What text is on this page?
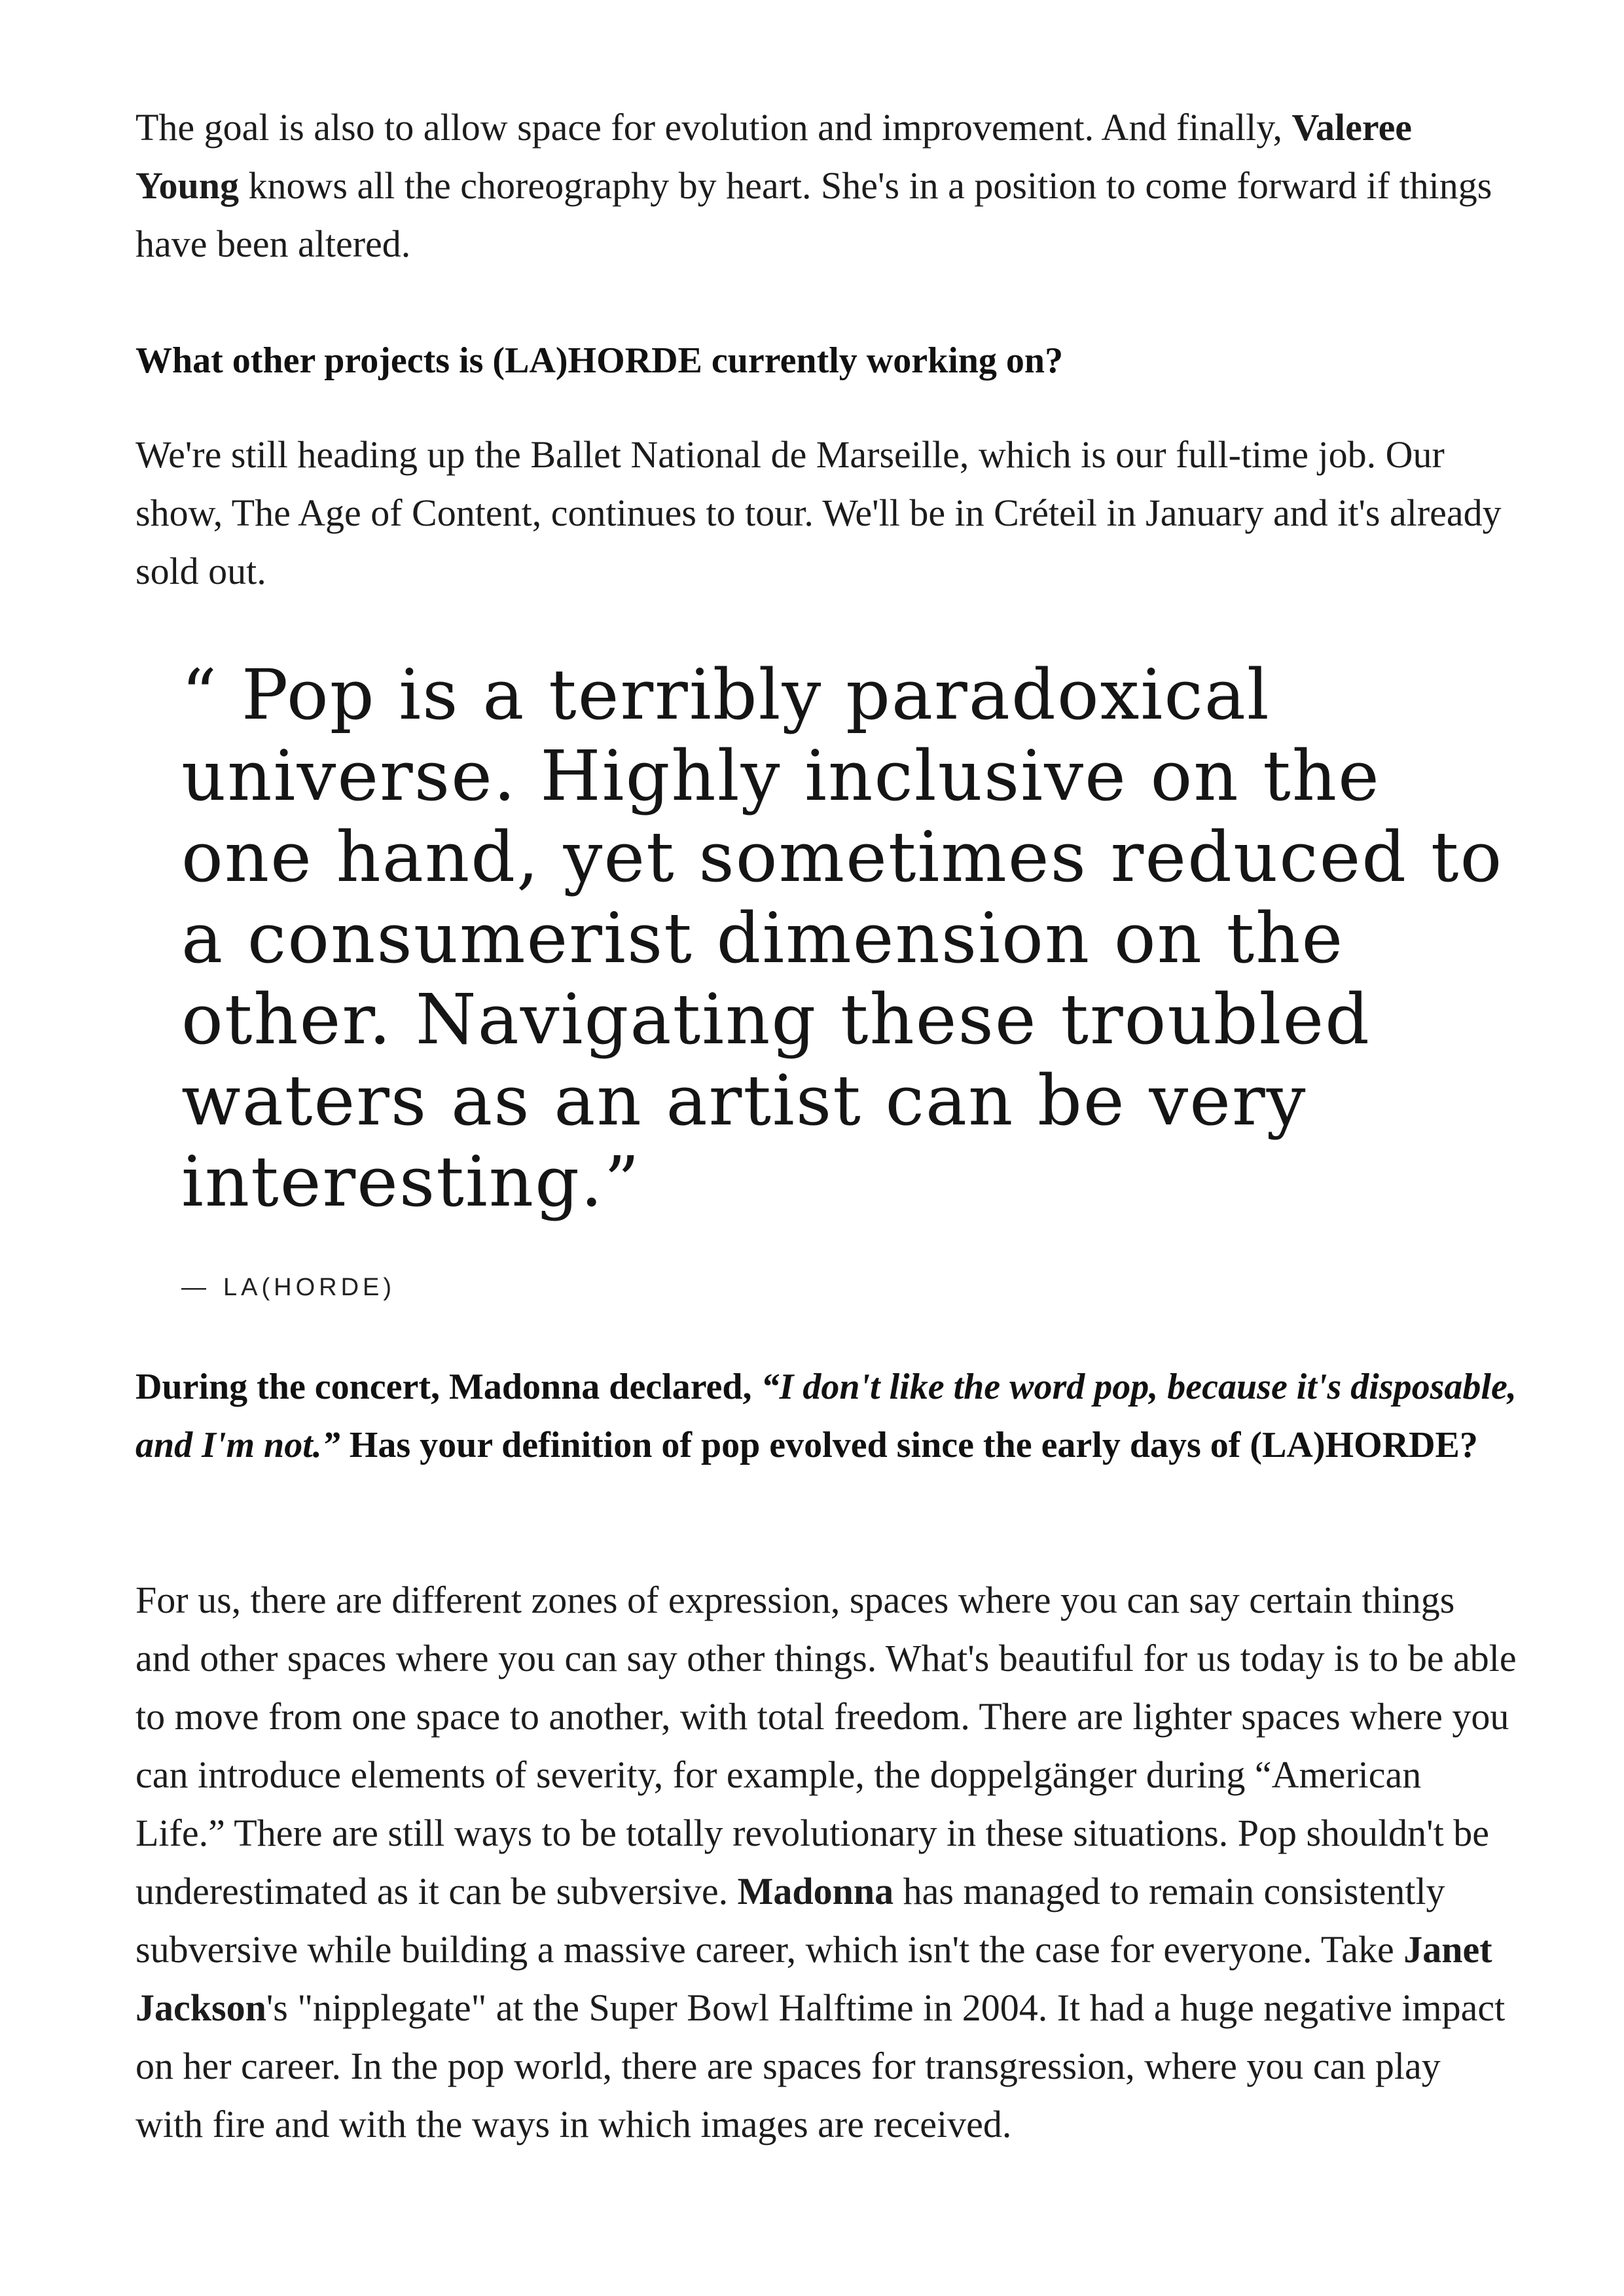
The goal is also to allow space for evolution and improvement. And finally, Valeree Young knows all the choreography by heart. She's in a position to come forward if things have been altered.

What other projects is (LA)HORDE currently working on?

We're still heading up the Ballet National de Marseille, which is our full-time job. Our show, The Age of Content, continues to tour. We'll be in Créteil in January and it's already sold out.

“ Pop is a terribly paradoxical universe. Highly inclusive on the one hand, yet sometimes reduced to a consumerist dimension on the other. Navigating these troubled waters as an artist can be very interesting.”

— LA(HORDE)

During the concert, Madonna declared, “I don't like the word pop, because it's disposable, and I'm not.” Has your definition of pop evolved since the early days of (LA)HORDE?

For us, there are different zones of expression, spaces where you can say certain things and other spaces where you can say other things. What's beautiful for us today is to be able to move from one space to another, with total freedom. There are lighter spaces where you can introduce elements of severity, for example, the doppelgänger during “American Life.” There are still ways to be totally revolutionary in these situations. Pop shouldn't be underestimated as it can be subversive. Madonna has managed to remain consistently subversive while building a massive career, which isn't the case for everyone. Take Janet Jackson's "nipplegate" at the Super Bowl Halftime in 2004. It had a huge negative impact on her career. In the pop world, there are spaces for transgression, where you can play with fire and with the ways in which images are received.
